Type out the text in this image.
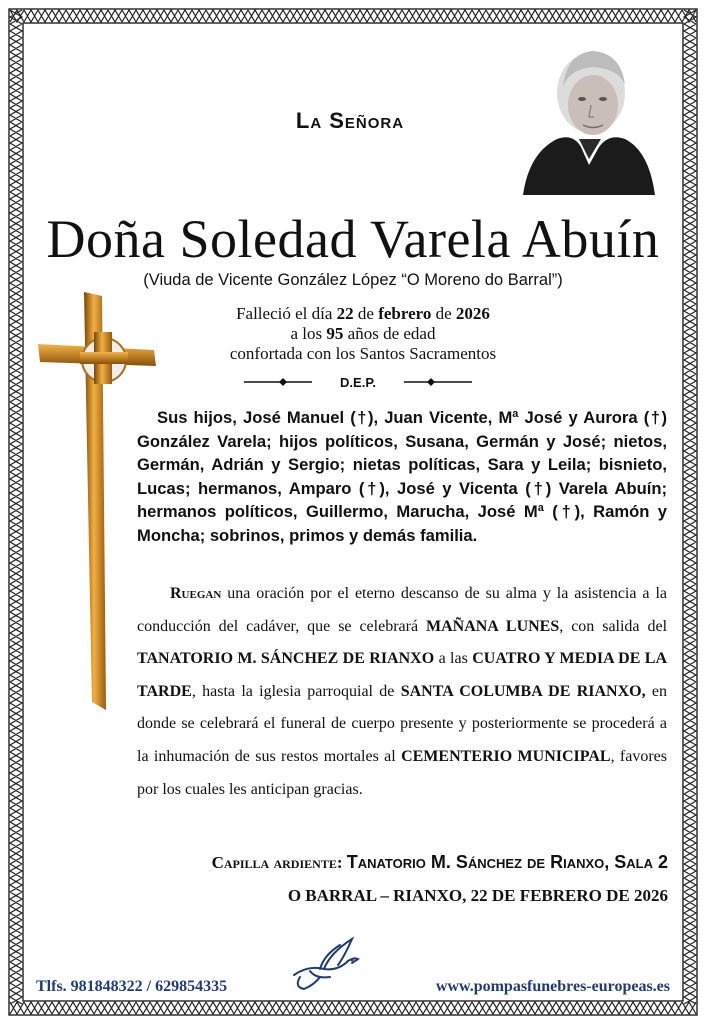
La Señora
Doña Soledad Varela Abuín
(Viuda de Vicente González López “O Moreno do Barral”)
Falleció el día 22 de febrero de 2026
a los 95 años de edad
confortada con los Santos Sacramentos
D.E.P.
Sus hijos, José Manuel (†), Juan Vicente, Mª José y Aurora (†) González Varela; hijos políticos, Susana, Germán y José; nietos, Germán, Adrián y Sergio; nietas políticas, Sara y Leila; bisnieto, Lucas; hermanos, Amparo (†), José y Vicenta (†) Varela Abuín; hermanos políticos, Guillermo, Marucha, José Mª (†), Ramón y Moncha; sobrinos, primos y demás familia.
Ruegan una oración por el eterno descanso de su alma y la asistencia a la conducción del cadáver, que se celebrará MAÑANA LUNES, con salida del TANATORIO M. SÁNCHEZ DE RIANXO a las CUATRO Y MEDIA DE LA TARDE, hasta la iglesia parroquial de SANTA COLUMBA DE RIANXO, en donde se celebrará el funeral de cuerpo presente y posteriormente se procederá a la inhumación de sus restos mortales al CEMENTERIO MUNICIPAL, favores por los cuales les anticipan gracias.
Capilla ardiente: Tanatorio M. Sánchez de Rianxo, Sala 2
O BARRAL – RIANXO, 22 DE FEBRERO DE 2026
Tlfs. 981848322 / 629854335	www.pompasfunebres-europeas.es
